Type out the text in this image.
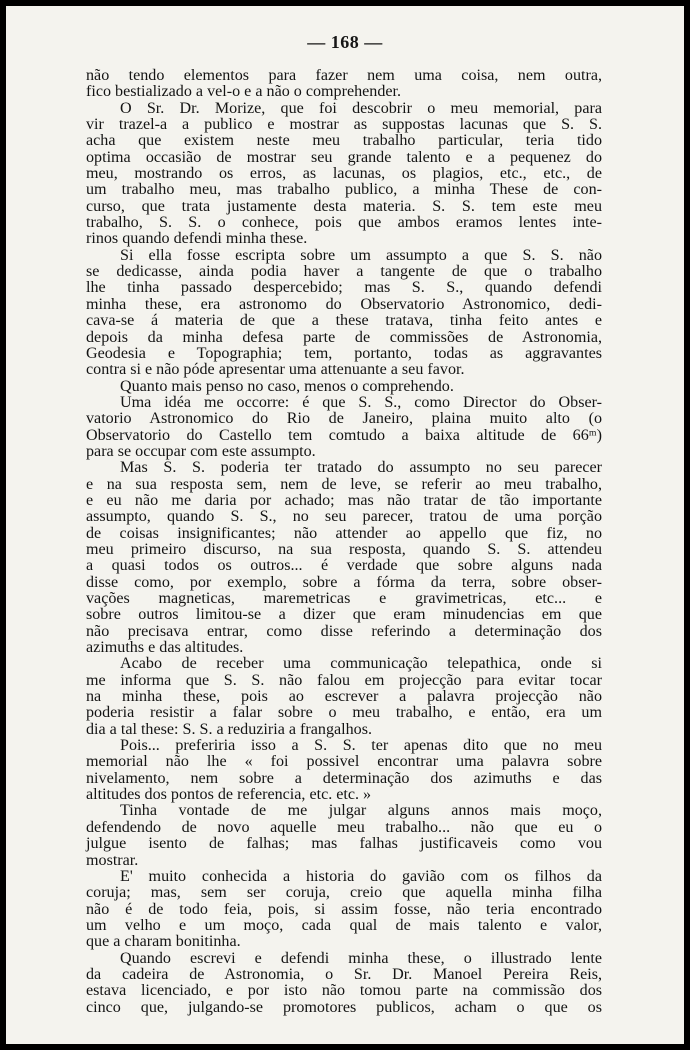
— 168 —

não tendo elementos para fazer nem uma coisa, nem outra,
fico bestializado a vel-o e a não o comprehender.

O Sr. Dr. Morize, que foi descobrir o meu memorial, para
vir trazel-a a publico e mostrar as suppostas lacunas que S. S.
acha que existem neste meu trabalho particular, teria tido
optima occasião de mostrar seu grande talento e a pequenez do
meu, mostrando os erros, as lacunas, os plagios, etc., etc., de
um trabalho meu, mas trabalho publico, a minha These de con-
curso, que trata justamente desta materia. S. S. tem este meu
trabalho, S. S. o conhece, pois que ambos eramos lentes inte-
rinos quando defendi minha these.

Si ella fosse escripta sobre um assumpto a que S. S. não
se dedicasse, ainda podia haver a tangente de que o trabalho
lhe tinha passado despercebido; mas S. S., quando defendi
minha these, era astronomo do Observatorio Astronomico, dedi-
cava-se á materia de que a these tratava, tinha feito antes e
depois da minha defesa parte de commissões de Astronomia,
Geodesia e Topographia; tem, portanto, todas as aggravantes
contra si e não póde apresentar uma attenuante a seu favor.

Quanto mais penso no caso, menos o comprehendo.

Uma idéa me occorre: é que S. S., como Director do Obser-
vatorio Astronomico do Rio de Janeiro, plaina muito alto (o
Observatorio do Castello tem comtudo a baixa altitude de 66ᵐ)
para se occupar com este assumpto.

Mas S. S. poderia ter tratado do assumpto no seu parecer
e na sua resposta sem, nem de leve, se referir ao meu trabalho,
e eu não me daria por achado; mas não tratar de tão importante
assumpto, quando S. S., no seu parecer, tratou de uma porção
de coisas insignificantes; não attender ao appello que fiz, no
meu primeiro discurso, na sua resposta, quando S. S. attendeu
a quasi todos os outros... é verdade que sobre alguns nada
disse como, por exemplo, sobre a fórma da terra, sobre obser-
vações magneticas, maremetricas e gravimetricas, etc... e
sobre outros limitou-se a dizer que eram minudencias em que
não precisava entrar, como disse referindo a determinação dos
azimuths e das altitudes.

Acabo de receber uma communicação telepathica, onde si
me informa que S. S. não falou em projecção para evitar tocar
na minha these, pois ao escrever a palavra projecção não
poderia resistir a falar sobre o meu trabalho, e então, era um
dia a tal these: S. S. a reduziria a frangalhos.

Pois... preferiria isso a S. S. ter apenas dito que no meu
memorial não lhe « foi possivel encontrar uma palavra sobre
nivelamento, nem sobre a determinação dos azimuths e das
altitudes dos pontos de referencia, etc. etc. »

Tinha vontade de me julgar alguns annos mais moço,
defendendo de novo aquelle meu trabalho... não que eu o
julgue isento de falhas; mas falhas justificaveis como vou
mostrar.

E' muito conhecida a historia do gavião com os filhos da
coruja; mas, sem ser coruja, creio que aquella minha filha
não é de todo feia, pois, si assim fosse, não teria encontrado
um velho e um moço, cada qual de mais talento e valor,
que a charam bonitinha.

Quando escrevi e defendi minha these, o illustrado lente
da cadeira de Astronomia, o Sr. Dr. Manoel Pereira Reis,
estava licenciado, e por isto não tomou parte na commissão dos
cinco que, julgando-se promotores publicos, acham o que os
